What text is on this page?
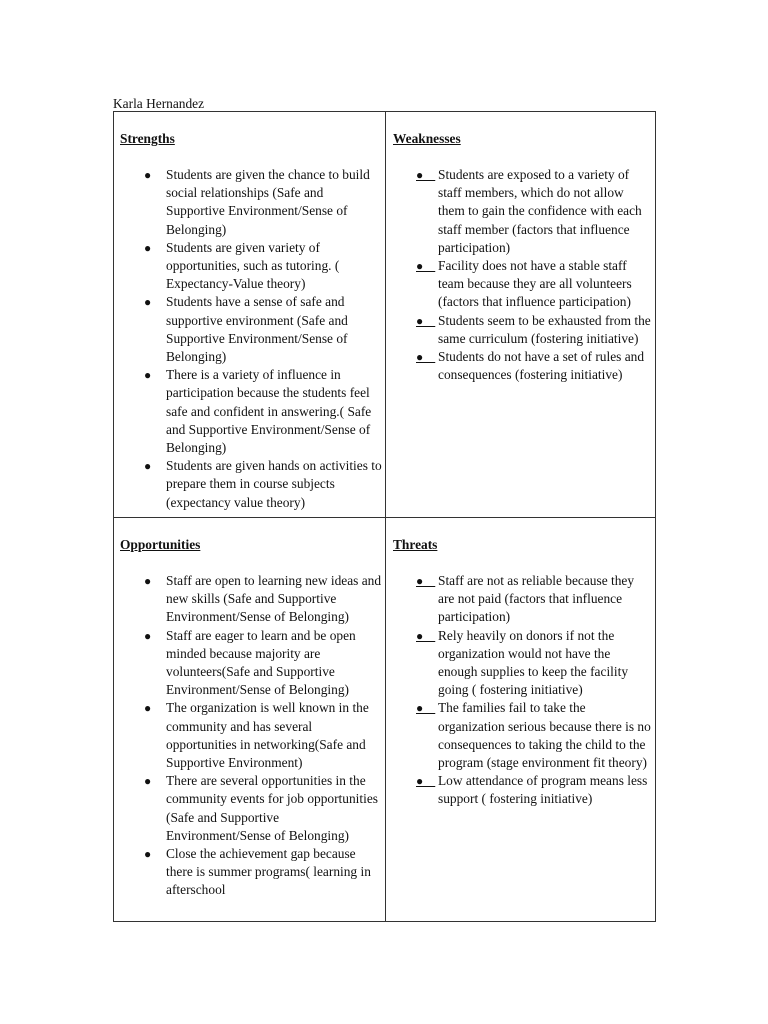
Karla Hernandez
Strengths
● Students are given the chance to build social relationships (Safe and Supportive Environment/Sense of Belonging)
● Students are given variety of opportunities, such as tutoring. ( Expectancy-Value theory)
● Students have a sense of safe and supportive environment (Safe and Supportive Environment/Sense of Belonging)
● There is a variety of influence in participation because the students feel safe and confident in answering.( Safe and Supportive Environment/Sense of Belonging)
● Students are given hands on activities to prepare them in course subjects (expectancy value theory)
Weaknesses
● Students are exposed to a variety of staff members, which do not allow them to gain the confidence with each staff member (factors that influence participation)
● Facility does not have a stable staff team because they are all volunteers (factors that influence participation)
● Students seem to be exhausted from the same curriculum (fostering initiative)
● Students do not have a set of rules and consequences (fostering initiative)
Opportunities
● Staff are open to learning new ideas and new skills (Safe and Supportive Environment/Sense of Belonging)
● Staff are eager to learn and be open minded because majority are volunteers(Safe and Supportive Environment/Sense of Belonging)
● The organization is well known in the community and has several opportunities in networking(Safe and Supportive Environment)
● There are several opportunities in the community events for job opportunities (Safe and Supportive Environment/Sense of Belonging)
● Close the achievement gap because there is summer programs( learning in afterschool
Threats
● Staff are not as reliable because they are not paid (factors that influence participation)
● Rely heavily on donors if not the organization would not have the enough supplies to keep the facility going ( fostering initiative)
● The families fail to take the organization serious because there is no consequences to taking the child to the program (stage environment fit theory)
● Low attendance of program means less support ( fostering initiative)
